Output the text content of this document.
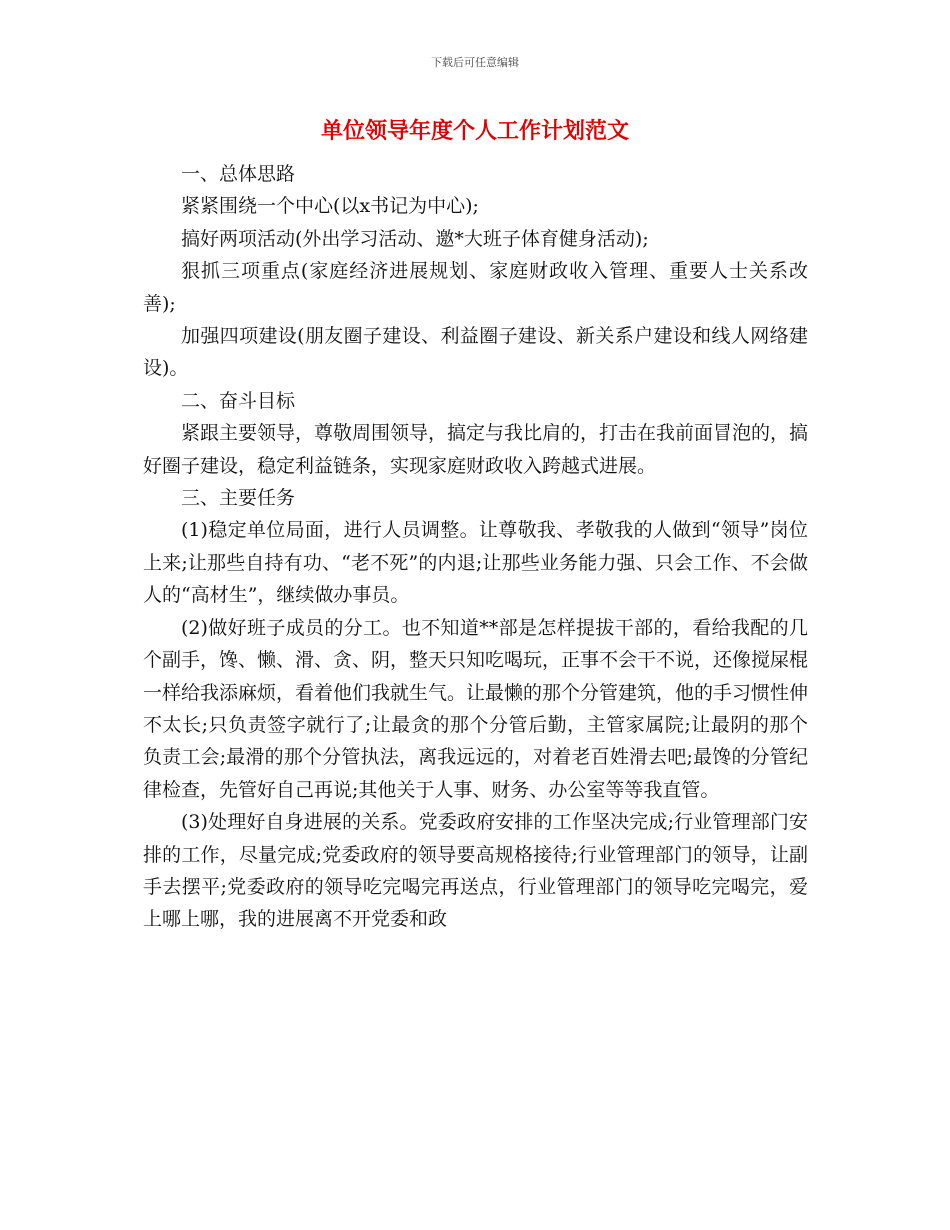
下载后可任意编辑
单位领导年度个人工作计划范文

一、总体思路

紧紧围绕一个中心(以x书记为中心);

搞好两项活动(外出学习活动、邀*大班子体育健身活动);

狠抓三项重点(家庭经济进展规划、家庭财政收入管理、重要人士关系改善);

加强四项建设(朋友圈子建设、利益圈子建设、新关系户建设和线人网络建设)。

二、奋斗目标

紧跟主要领导，尊敬周围领导，搞定与我比肩的，打击在我前面冒泡的，搞好圈子建设，稳定利益链条，实现家庭财政收入跨越式进展。

三、主要任务

(1)稳定单位局面，进行人员调整。让尊敬我、孝敬我的人做到“领导”岗位上来;让那些自持有功、“老不死”的内退;让那些业务能力强、只会工作、不会做人的“高材生”，继续做办事员。

(2)做好班子成员的分工。也不知道**部是怎样提拔干部的，看给我配的几个副手，馋、懒、滑、贪、阴，整天只知吃喝玩，正事不会干不说，还像搅屎棍一样给我添麻烦，看着他们我就生气。让最懒的那个分管建筑，他的手习惯性伸不太长;只负责签字就行了;让最贪的那个分管后勤，主管家属院;让最阴的那个负责工会;最滑的那个分管执法，离我远远的，对着老百姓滑去吧;最馋的分管纪律检查，先管好自己再说;其他关于人事、财务、办公室等等我直管。

(3)处理好自身进展的关系。党委政府安排的工作坚决完成;行业管理部门安排的工作，尽量完成;党委政府的领导要高规格接待;行业管理部门的领导，让副手去摆平;党委政府的领导吃完喝完再送点，行业管理部门的领导吃完喝完，爱上哪上哪，我的进展离不开党委和政
